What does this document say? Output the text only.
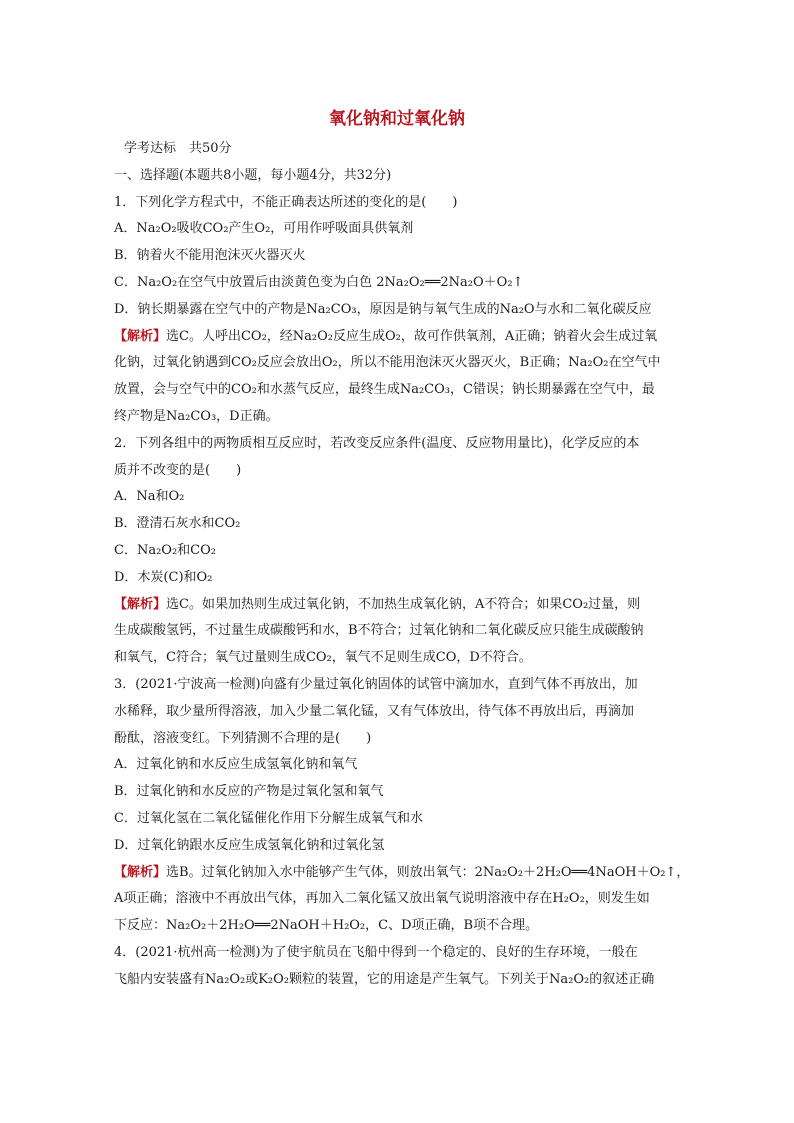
氧化钠和过氧化钠
学考达标　共50分
一、选择题(本题共8小题，每小题4分，共32分)
1．下列化学方程式中，不能正确表达所述的变化的是(　　)
A．Na₂O₂吸收CO₂产生O₂，可用作呼吸面具供氧剂
B．钠着火不能用泡沫灭火器灭火
C．Na₂O₂在空气中放置后由淡黄色变为白色 2Na₂O₂══2Na₂O＋O₂↑
D．钠长期暴露在空气中的产物是Na₂CO₃，原因是钠与氧气生成的Na₂O与水和二氧化碳反应
【解析】选C。人呼出CO₂，经Na₂O₂反应生成O₂，故可作供氧剂，A正确；钠着火会生成过氧
化钠，过氧化钠遇到CO₂反应会放出O₂，所以不能用泡沫灭火器灭火，B正确；Na₂O₂在空气中
放置，会与空气中的CO₂和水蒸气反应，最终生成Na₂CO₃，C错误；钠长期暴露在空气中，最
终产物是Na₂CO₃，D正确。
2．下列各组中的两物质相互反应时，若改变反应条件(温度、反应物用量比)，化学反应的本
质并不改变的是(　　)
A．Na和O₂
B．澄清石灰水和CO₂
C．Na₂O₂和CO₂
D．木炭(C)和O₂
【解析】选C。如果加热则生成过氧化钠，不加热生成氧化钠，A不符合；如果CO₂过量，则
生成碳酸氢钙，不过量生成碳酸钙和水，B不符合；过氧化钠和二氧化碳反应只能生成碳酸钠
和氧气，C符合；氧气过量则生成CO₂，氧气不足则生成CO，D不符合。
3．(2021·宁波高一检测)向盛有少量过氧化钠固体的试管中滴加水，直到气体不再放出，加
水稀释，取少量所得溶液，加入少量二氧化锰，又有气体放出，待气体不再放出后，再滴加
酚酞，溶液变红。下列猜测不合理的是(　　)
A．过氧化钠和水反应生成氢氧化钠和氧气
B．过氧化钠和水反应的产物是过氧化氢和氧气
C．过氧化氢在二氧化锰催化作用下分解生成氧气和水
D．过氧化钠跟水反应生成氢氧化钠和过氧化氢
【解析】选B。过氧化钠加入水中能够产生气体，则放出氧气：2Na₂O₂＋2H₂O══4NaOH＋O₂↑，
A项正确；溶液中不再放出气体，再加入二氧化锰又放出氧气说明溶液中存在H₂O₂，则发生如
下反应：Na₂O₂＋2H₂O══2NaOH＋H₂O₂，C、D项正确，B项不合理。
4．(2021·杭州高一检测)为了使宇航员在飞船中得到一个稳定的、良好的生存环境，一般在
飞船内安装盛有Na₂O₂或K₂O₂颗粒的装置，它的用途是产生氧气。下列关于Na₂O₂的叙述正确
